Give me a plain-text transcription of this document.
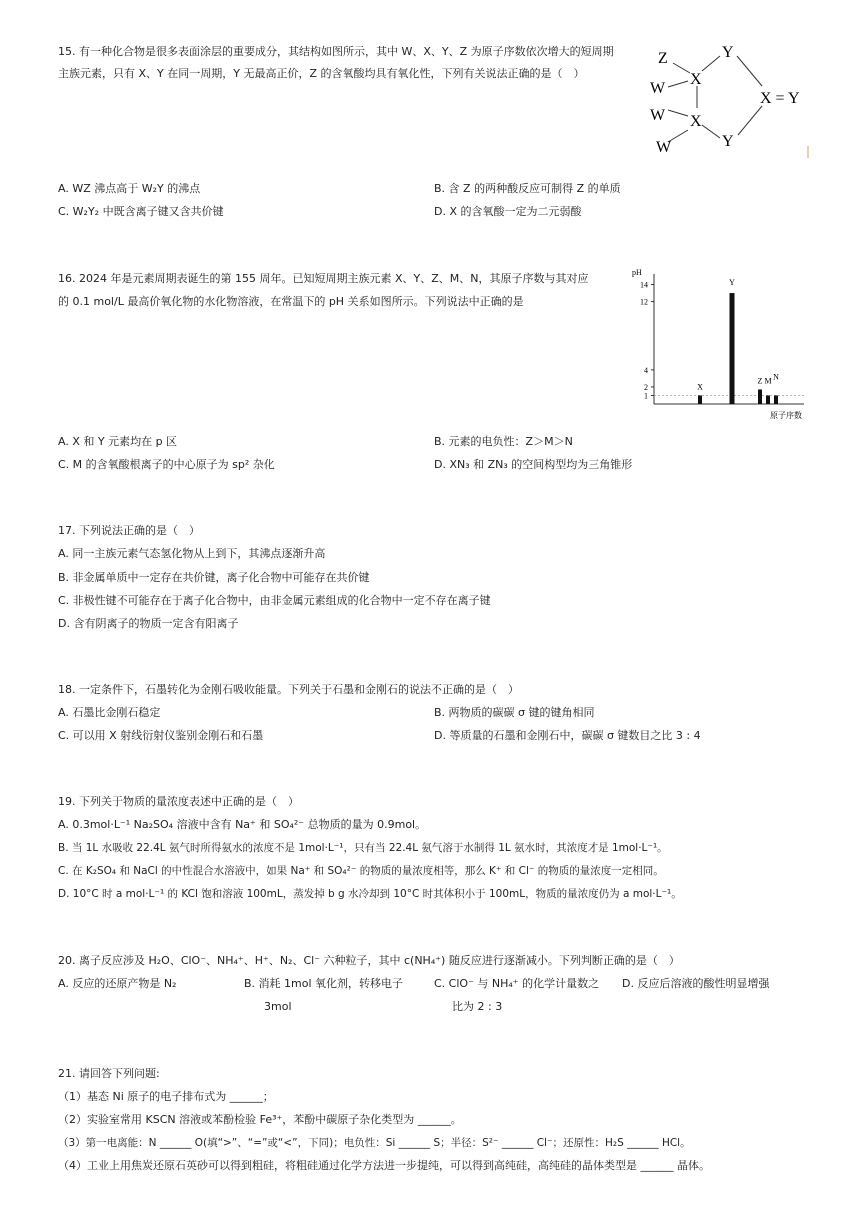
15. 有一种化合物是很多表面涂层的重要成分，其结构如图所示，其中 W、X、Y、Z 为原子序数依次增大的短周期
主族元素，只有 X、Y 在同一周期，Y 无最高正价，Z 的含氧酸均具有氧化性，下列有关说法正确的是（　）
Z	Y
W
X
X = Y
W X
Y
W
A. WZ 沸点高于 W₂Y 的沸点	B. 含 Z 的两种酸反应可制得 Z 的单质
C. W₂Y₂ 中既含离子键又含共价键	D. X 的含氧酸一定为二元弱酸
16. 2024 年是元素周期表诞生的第 155 周年。已知短周期主族元素 X、Y、Z、M、N，其原子序数与其对应
的 0.1 mol/L 最高价氧化物的水化物溶液，在常温下的 pH 关系如图所示。下列说法中正确的是
pH
原子序数
1
2
4
12
14
X
Y
Z M N
A. X 和 Y 元素均在 p 区	B. 元素的电负性：Z＞M＞N
C. M 的含氧酸根离子的中心原子为 sp² 杂化	D. XN₃ 和 ZN₃ 的空间构型均为三角锥形
17. 下列说法正确的是（　）
A. 同一主族元素气态氢化物从上到下，其沸点逐渐升高
B. 非金属单质中一定存在共价键，离子化合物中可能存在共价键
C. 非极性键不可能存在于离子化合物中，由非金属元素组成的化合物中一定不存在离子键
D. 含有阴离子的物质一定含有阳离子
18. 一定条件下，石墨转化为金刚石吸收能量。下列关于石墨和金刚石的说法不正确的是（　）
A. 石墨比金刚石稳定	B. 两物质的碳碳 σ 键的键角相同
C. 可以用 X 射线衍射仪鉴别金刚石和石墨	D. 等质量的石墨和金刚石中，碳碳 σ 键数目之比 3 : 4
19. 下列关于物质的量浓度表述中正确的是（　）
A. 0.3mol·L⁻¹ Na₂SO₄ 溶液中含有 Na⁺ 和 SO₄²⁻ 总物质的量为 0.9mol。
B. 当 1L 水吸收 22.4L 氨气时所得氨水的浓度不是 1mol·L⁻¹，只有当 22.4L 氨气溶于水制得 1L 氨水时，其浓度才是 1mol·L⁻¹。
C. 在 K₂SO₄ 和 NaCl 的中性混合水溶液中，如果 Na⁺ 和 SO₄²⁻ 的物质的量浓度相等，那么 K⁺ 和 Cl⁻ 的物质的量浓度一定相同。
D. 10°C 时 a mol·L⁻¹ 的 KCl 饱和溶液 100mL，蒸发掉 b g 水冷却到 10°C 时其体积小于 100mL，物质的量浓度仍为 a mol·L⁻¹。
20. 离子反应涉及 H₂O、ClO⁻、NH₄⁺、H⁺、N₂、Cl⁻ 六种粒子，其中 c(NH₄⁺) 随反应进行逐渐减小。下列判断正确的是（　）
A. 反应的还原产物是 N₂	B. 消耗 1mol 氧化剂，转移电子
3mol
C. ClO⁻ 与 NH₄⁺ 的化学计量数之
比为 2 : 3
D. 反应后溶液的酸性明显增强
21. 请回答下列问题:
（1）基态 Ni 原子的电子排布式为 ______；
（2）实验室常用 KSCN 溶液或苯酚检验 Fe³⁺，苯酚中碳原子杂化类型为 ______。
（3）第一电离能：N ______ O(填“>”、“=”或“<”，下同)；电负性：Si ______ S；半径：S²⁻ ______ Cl⁻；还原性：H₂S ______ HCl。
（4）工业上用焦炭还原石英砂可以得到粗硅，将粗硅通过化学方法进一步提纯，可以得到高纯硅，高纯硅的晶体类型是 ______ 晶体。
